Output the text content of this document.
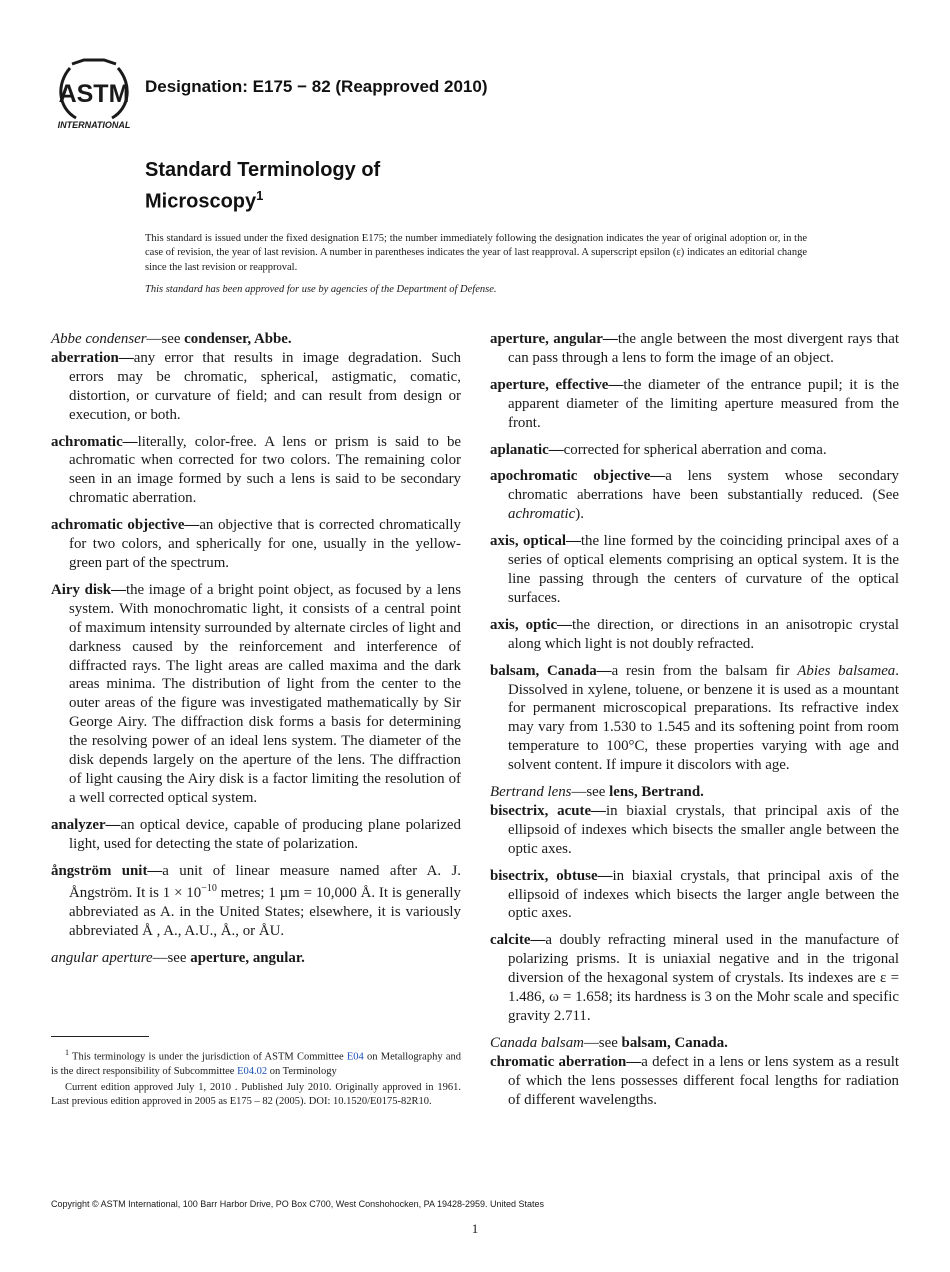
ASTM
INTERNATIONAL
Designation: E175 − 82 (Reapproved 2010)
Standard Terminology of
Microscopy$^1$

This standard is issued under the fixed designation E175; the number immediately following the designation indicates the year of original adoption or, in the case of revision, the year of last revision. A number in parentheses indicates the year of last reapproval. A superscript epsilon (ε) indicates an editorial change since the last revision or reapproval.

This standard has been approved for use by agencies of the Department of Defense.

Abbe condenser—see condenser, Abbe.

aberration—any error that results in image degradation. Such errors may be chromatic, spherical, astigmatic, comatic, distortion, or curvature of field; and can result from design or execution, or both.

achromatic—literally, color-free. A lens or prism is said to be achromatic when corrected for two colors. The remaining color seen in an image formed by such a lens is said to be secondary chromatic aberration.

achromatic objective—an objective that is corrected chromatically for two colors, and spherically for one, usually in the yellow-green part of the spectrum.

Airy disk—the image of a bright point object, as focused by a lens system. With monochromatic light, it consists of a central point of maximum intensity surrounded by alternate circles of light and darkness caused by the reinforcement and interference of diffracted rays. The light areas are called maxima and the dark areas minima. The distribution of light from the center to the outer areas of the figure was investigated mathematically by Sir George Airy. The diffraction disk forms a basis for determining the resolving power of an ideal lens system. The diameter of the disk depends largely on the aperture of the lens. The diffraction of light causing the Airy disk is a factor limiting the resolution of a well corrected optical system.

analyzer—an optical device, capable of producing plane polarized light, used for detecting the state of polarization.

ångström unit—a unit of linear measure named after A. J. Ångström. It is $1 \times 10^{-10}$ metres; 1 µm = 10,000 Å. It is generally abbreviated as A. in the United States; elsewhere, it is variously abbreviated Å , A., A.U., Å., or ÅU.

angular aperture—see aperture, angular.

aperture, angular—the angle between the most divergent rays that can pass through a lens to form the image of an object.

aperture, effective—the diameter of the entrance pupil; it is the apparent diameter of the limiting aperture measured from the front.

aplanatic—corrected for spherical aberration and coma.

apochromatic objective—a lens system whose secondary chromatic aberrations have been substantially reduced. (See achromatic).

axis, optical—the line formed by the coinciding principal axes of a series of optical elements comprising an optical system. It is the line passing through the centers of curvature of the optical surfaces.

axis, optic—the direction, or directions in an anisotropic crystal along which light is not doubly refracted.

balsam, Canada—a resin from the balsam fir Abies balsamea. Dissolved in xylene, toluene, or benzene it is used as a mountant for permanent microscopical preparations. Its refractive index may vary from 1.530 to 1.545 and its softening point from room temperature to 100°C, these properties varying with age and solvent content. If impure it discolors with age.

Bertrand lens—see lens, Bertrand.

bisectrix, acute—in biaxial crystals, that principal axis of the ellipsoid of indexes which bisects the smaller angle between the optic axes.

bisectrix, obtuse—in biaxial crystals, that principal axis of the ellipsoid of indexes which bisects the larger angle between the optic axes.

calcite—a doubly refracting mineral used in the manufacture of polarizing prisms. It is uniaxial negative and in the trigonal diversion of the hexagonal system of crystals. Its indexes are ε = 1.486, ω = 1.658; its hardness is 3 on the Mohr scale and specific gravity 2.711.

Canada balsam—see balsam, Canada.

chromatic aberration—a defect in a lens or lens system as a result of which the lens possesses different focal lengths for radiation of different wavelengths.

$^1$ This terminology is under the jurisdiction of ASTM Committee E04 on Metallography and is the direct responsibility of Subcommittee E04.02 on Terminology

Current edition approved July 1, 2010 . Published July 2010. Originally approved in 1961. Last previous edition approved in 2005 as E175 – 82 (2005). DOI: 10.1520/E0175-82R10.

Copyright © ASTM International, 100 Barr Harbor Drive, PO Box C700, West Conshohocken, PA 19428-2959. United States
1
